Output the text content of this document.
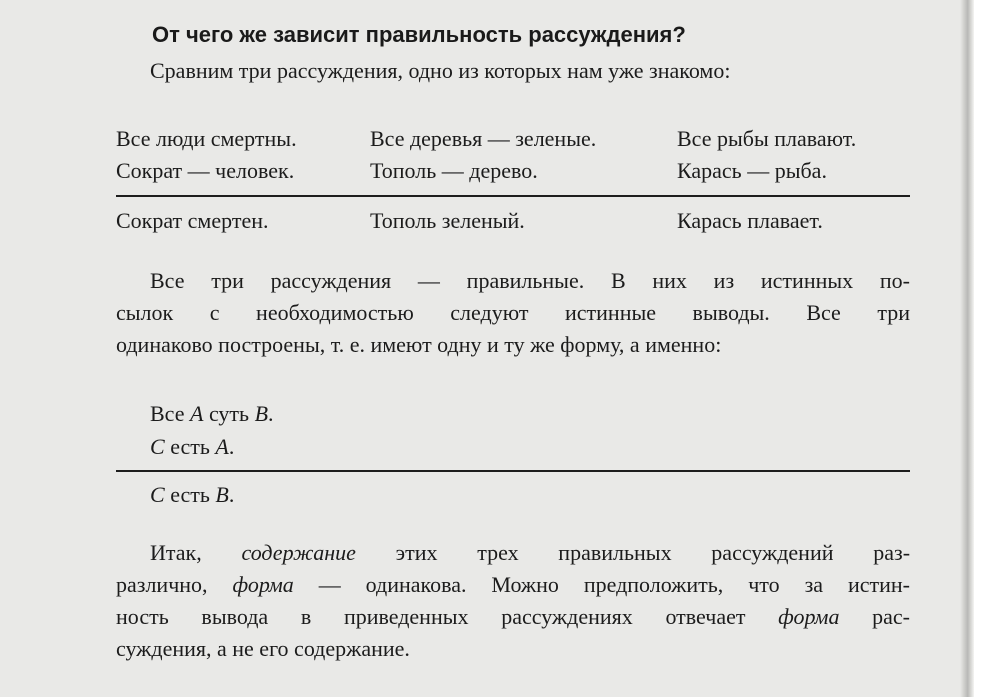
От чего же зависит правильность рассуждения?
Сравним три рассуждения, одно из которых нам уже знакомо:
Все люди смертны.	Все деревья — зеленые.	Все рыбы плавают.
Сократ — человек.	Тополь — дерево.	Карась — рыба.
Сократ смертен.	Тополь зеленый.	Карась плавает.
Все три рассуждения — правильные. В них из истинных по-
сылок с необходимостью следуют истинные выводы. Все три
одинаково построены, т. е. имеют одну и ту же форму, а именно:
Все A суть B.
C есть A.
C есть B.
Итак, содержание этих трех правильных рассуждений раз-
различно, форма — одинакова. Можно предположить, что за истин-
ность вывода в приведенных рассуждениях отвечает форма рас-
суждения, а не его содержание.
